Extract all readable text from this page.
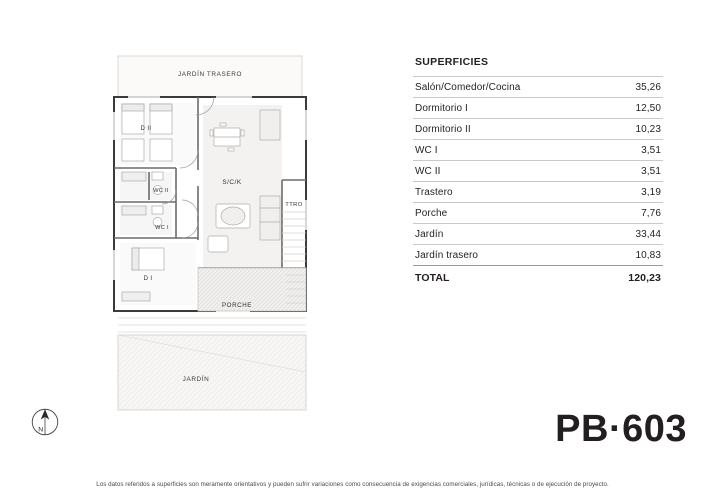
JARDÍN TRASERO
D II
WC II
WC I
D I
S/C/K
TTRO
PORCHE
JARDÍN
N
SUPERFICIES
Salón/Comedor/Cocina	35,26
Dormitorio I	12,50
Dormitorio II	10,23
WC I	3,51
WC II	3,51
Trastero	3,19
Porche	7,76
Jardín	33,44
Jardín trasero	10,83
TOTAL	120,23
PB·603
Los datos referidos a superficies son meramente orientativos y pueden sufrir variaciones como consecuencia de exigencias comerciales, jurídicas, técnicas o de ejecución de proyecto.
